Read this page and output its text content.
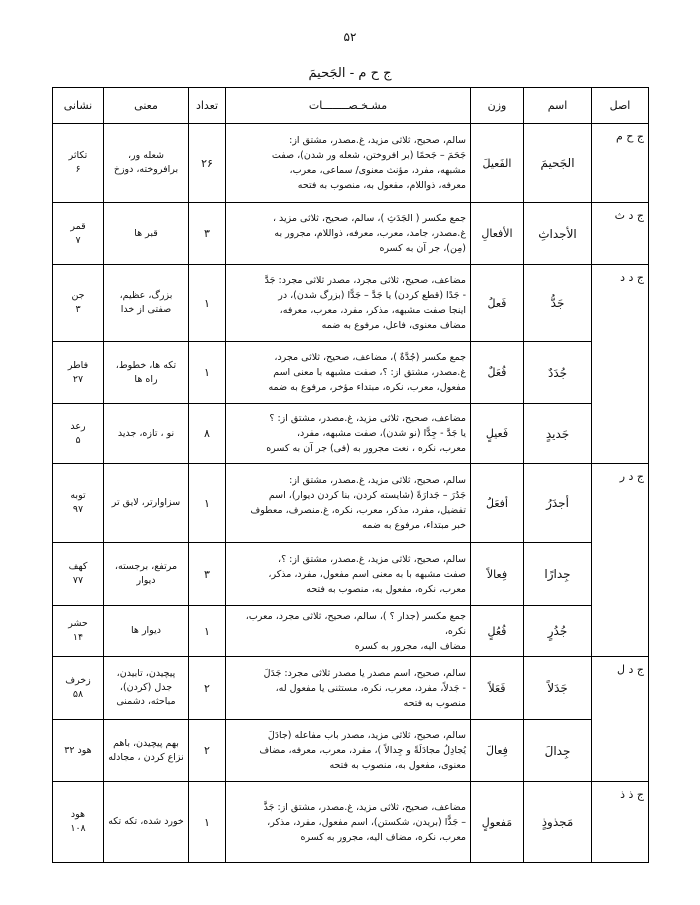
۵۲
ج ح م - الجَحیمَ
اصل	اسم	وزن	مشـخـصــــــــات	تعداد	معنی	نشانی
ج ح م	الجَحیمَ	الفَعیلَ	سالم، صحیح، ثلاثی مزید، غ.مصدر، مشتق از:
جَحَمَ – جَحمًا (بر افروختن، شعله ور شدن)، صفت
مشبهه، مفرد، مؤنث معنوی/ سماعی، معرب،
معرفه، ذواللام، مفعول به، منصوب به فتحه	۲۶	شعله ور،
برافروخته، دوزخ	تکاثر
۶

ج د ث	الأجداثِ	الأفعالِ	جمع مکسر ( الجَدَثِ )، سالم، صحیح، ثلاثی مزید ،
غ.مصدر، جامد، معرب، معرفه، ذواللام، مجرور به
(مِن)، جر آن به کسره	۳	قبر ها	قمر
۷

ج د د	جَدُّ	فَعلُ	مضاعف، صحیح، ثلاثی مجرد، مصدر ثلاثی مجرد: جَدَّ
- جَدًا (قطع کردن) یا جَدَّ – جَدًّا (بزرگ شدن)، در
اینجا صفت مشبهه، مذکر، مفرد، معرب، معرفه،
مضاف معنوی، فاعل، مرفوع به ضمه	۱	بزرگ، عظیم،
صفتی از خدا	جن
۳

	جُدَدٌ	فُعَلٌ	جمع مکسر (جُدَّةٌ )، مضاعف، صحیح، ثلاثی مجرد،
غ.مصدر، مشتق از: ؟، صفت مشبهه با معنی اسم
مفعول، معرب، نکره، مبتداء مؤخر، مرفوع به ضمه	۱	تکه ها، خطوط،
راه ها	فاطر
۲۷

	جَدیدٍ	فَعیلٍ	مضاعف، صحیح، ثلاثی مزید، غ.مصدر، مشتق از: ؟
یا جَدَّ - جِدًّا (نو شدن)، صفت مشبهه، مفرد،
معرب، نکره ، نعت مجرور به (فی) جر آن به کسره	۸	نو ، تازه، جدید	رعد
۵

ج د ر	أجدَرُ	أفعَلُ	سالم، صحیح، ثلاثی مزید، غ.مصدر، مشتق از:
جَدُرَ – جَدارَةً (شایسته کردن، بنا کردن دیوار)، اسم
تفضیل، مفرد، مذکر، معرب، نکره، غ.منصرف، معطوف
خبر مبتداء، مرفوع به ضمه	۱	سزاوارتر، لایق تر	توبه
۹۷

	جِدارًا	فِعالاً	سالم، صحیح، ثلاثی مزید، غ.مصدر، مشتق از: ؟،
صفت مشبهه با به معنی اسم مفعول، مفرد، مذکر،
معرب، نکره، مفعول به، منصوب به فتحه	۳	مرتفع، برجسته،
دیوار	کهف
۷۷

	جُدُرٍ	فُعُلٍ	جمع مکسر (جدار ؟ )، سالم، صحیح، ثلاثی مجرد، معرب، نکره،
مضاف الیه، مجرور به کسره	۱	دیوار ها	حشر
۱۴

ج د ل	جَدَلاً	فَعَلاً	سالم، صحیح، اسم مصدر یا مصدر ثلاثی مجرد: جَدَلَ
- جَدلاً، مفرد، معرب، نکره، مستثنی یا مفعول له،
منصوب به فتحه	۲	پیچیدن، تابیدن،
جدل (کردن)،
مباحثه، دشمنی	زخرف
۵۸

	جِدالَ	فِعالَ	سالم، صحیح، ثلاثی مزید، مصدر باب مفاعله (جادَلَ
یُجادِلُ مجادَلَةً و جِدالاً )، مفرد، معرب، معرفه، مضاف
معنوی، مفعول به، منصوب به فتحه	۲	بهم پیچیدن، باهم
نزاع کردن ، مجادله	هود ۳۲

ج ذ ذ	مَجذوذٍ	مَفعولٍ	مضاعف، صحیح، ثلاثی مزید، غ.مصدر، مشتق از: جَذَّ
– جَذًّا (بریدن، شکستن)، اسم مفعول، مفرد، مذکر،
معرب، نکره، مضاف الیه، مجرور به کسره	۱	خورد شده، تکه تکه	هود
۱۰۸
